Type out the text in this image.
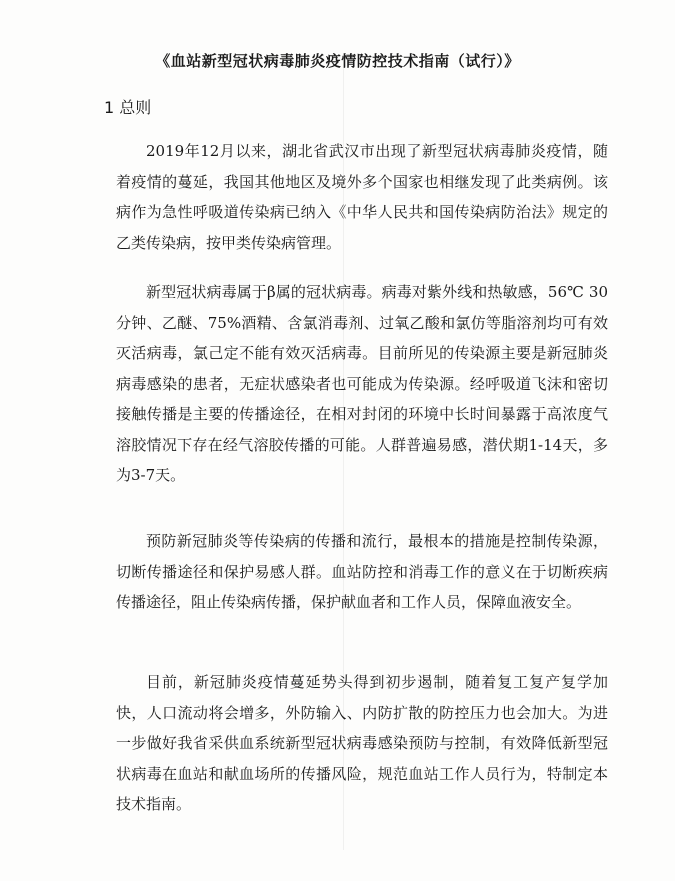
《血站新型冠状病毒肺炎疫情防控技术指南（试行）》
1 总则

2019年12月以来，湖北省武汉市出现了新型冠状病毒肺炎疫情，随着疫情的蔓延，我国其他地区及境外多个国家也相继发现了此类病例。该病作为急性呼吸道传染病已纳入《中华人民共和国传染病防治法》规定的乙类传染病，按甲类传染病管理。

新型冠状病毒属于β属的冠状病毒。病毒对紫外线和热敏感，56℃ 30分钟、乙醚、75%酒精、含氯消毒剂、过氧乙酸和氯仿等脂溶剂均可有效灭活病毒，氯己定不能有效灭活病毒。目前所见的传染源主要是新冠肺炎病毒感染的患者，无症状感染者也可能成为传染源。经呼吸道飞沫和密切接触传播是主要的传播途径，在相对封闭的环境中长时间暴露于高浓度气溶胶情况下存在经气溶胶传播的可能。人群普遍易感，潜伏期1-14天，多为3-7天。

预防新冠肺炎等传染病的传播和流行，最根本的措施是控制传染源，切断传播途径和保护易感人群。血站防控和消毒工作的意义在于切断疾病传播途径，阻止传染病传播，保护献血者和工作人员，保障血液安全。

目前，新冠肺炎疫情蔓延势头得到初步遏制，随着复工复产复学加快，人口流动将会增多，外防输入、内防扩散的防控压力也会加大。为进一步做好我省采供血系统新型冠状病毒感染预防与控制，有效降低新型冠状病毒在血站和献血场所的传播风险，规范血站工作人员行为，特制定本技术指南。
